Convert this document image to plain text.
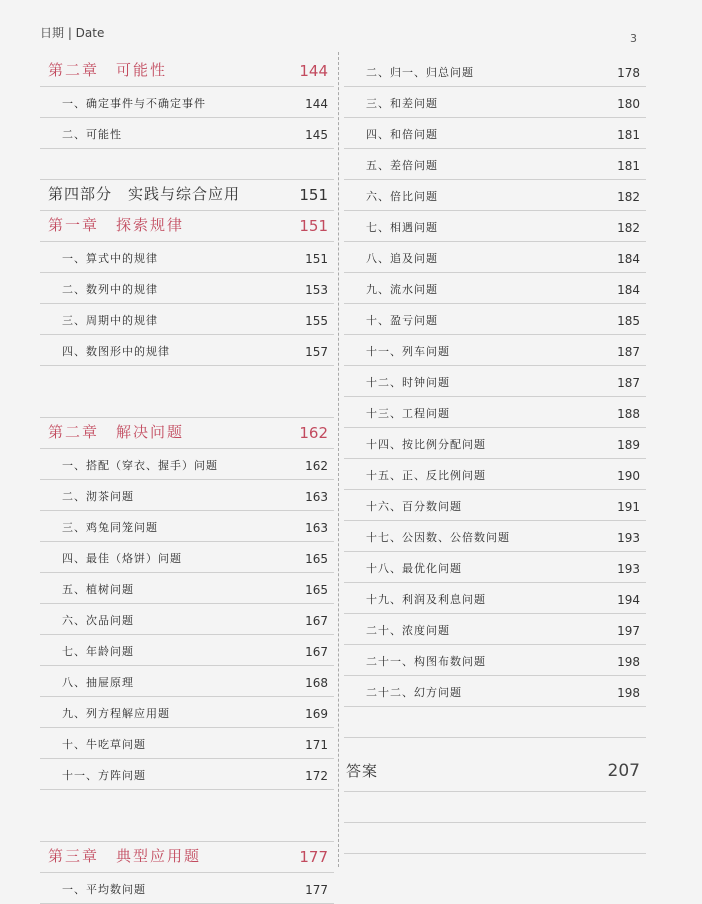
日期 | Date	3
第二章　可能性	144
一、确定事件与不确定事件	144
二、可能性	145
第四部分　实践与综合应用	151
第一章　探索规律	151
一、算式中的规律	151
二、数列中的规律	153
三、周期中的规律	155
四、数图形中的规律	157
第二章　解决问题	162
一、搭配（穿衣、握手）问题	162
二、沏茶问题	163
三、鸡兔同笼问题	163
四、最佳（烙饼）问题	165
五、植树问题	165
六、次品问题	167
七、年龄问题	167
八、抽屉原理	168
九、列方程解应用题	169
十、牛吃草问题	171
十一、方阵问题	172
第三章　典型应用题	177
一、平均数问题	177
二、归一、归总问题	178
三、和差问题	180
四、和倍问题	181
五、差倍问题	181
六、倍比问题	182
七、相遇问题	182
八、追及问题	184
九、流水问题	184
十、盈亏问题	185
十一、列车问题	187
十二、时钟问题	187
十三、工程问题	188
十四、按比例分配问题	189
十五、正、反比例问题	190
十六、百分数问题	191
十七、公因数、公倍数问题	193
十八、最优化问题	193
十九、利润及利息问题	194
二十、浓度问题	197
二十一、构图布数问题	198
二十二、幻方问题	198
答案	207
